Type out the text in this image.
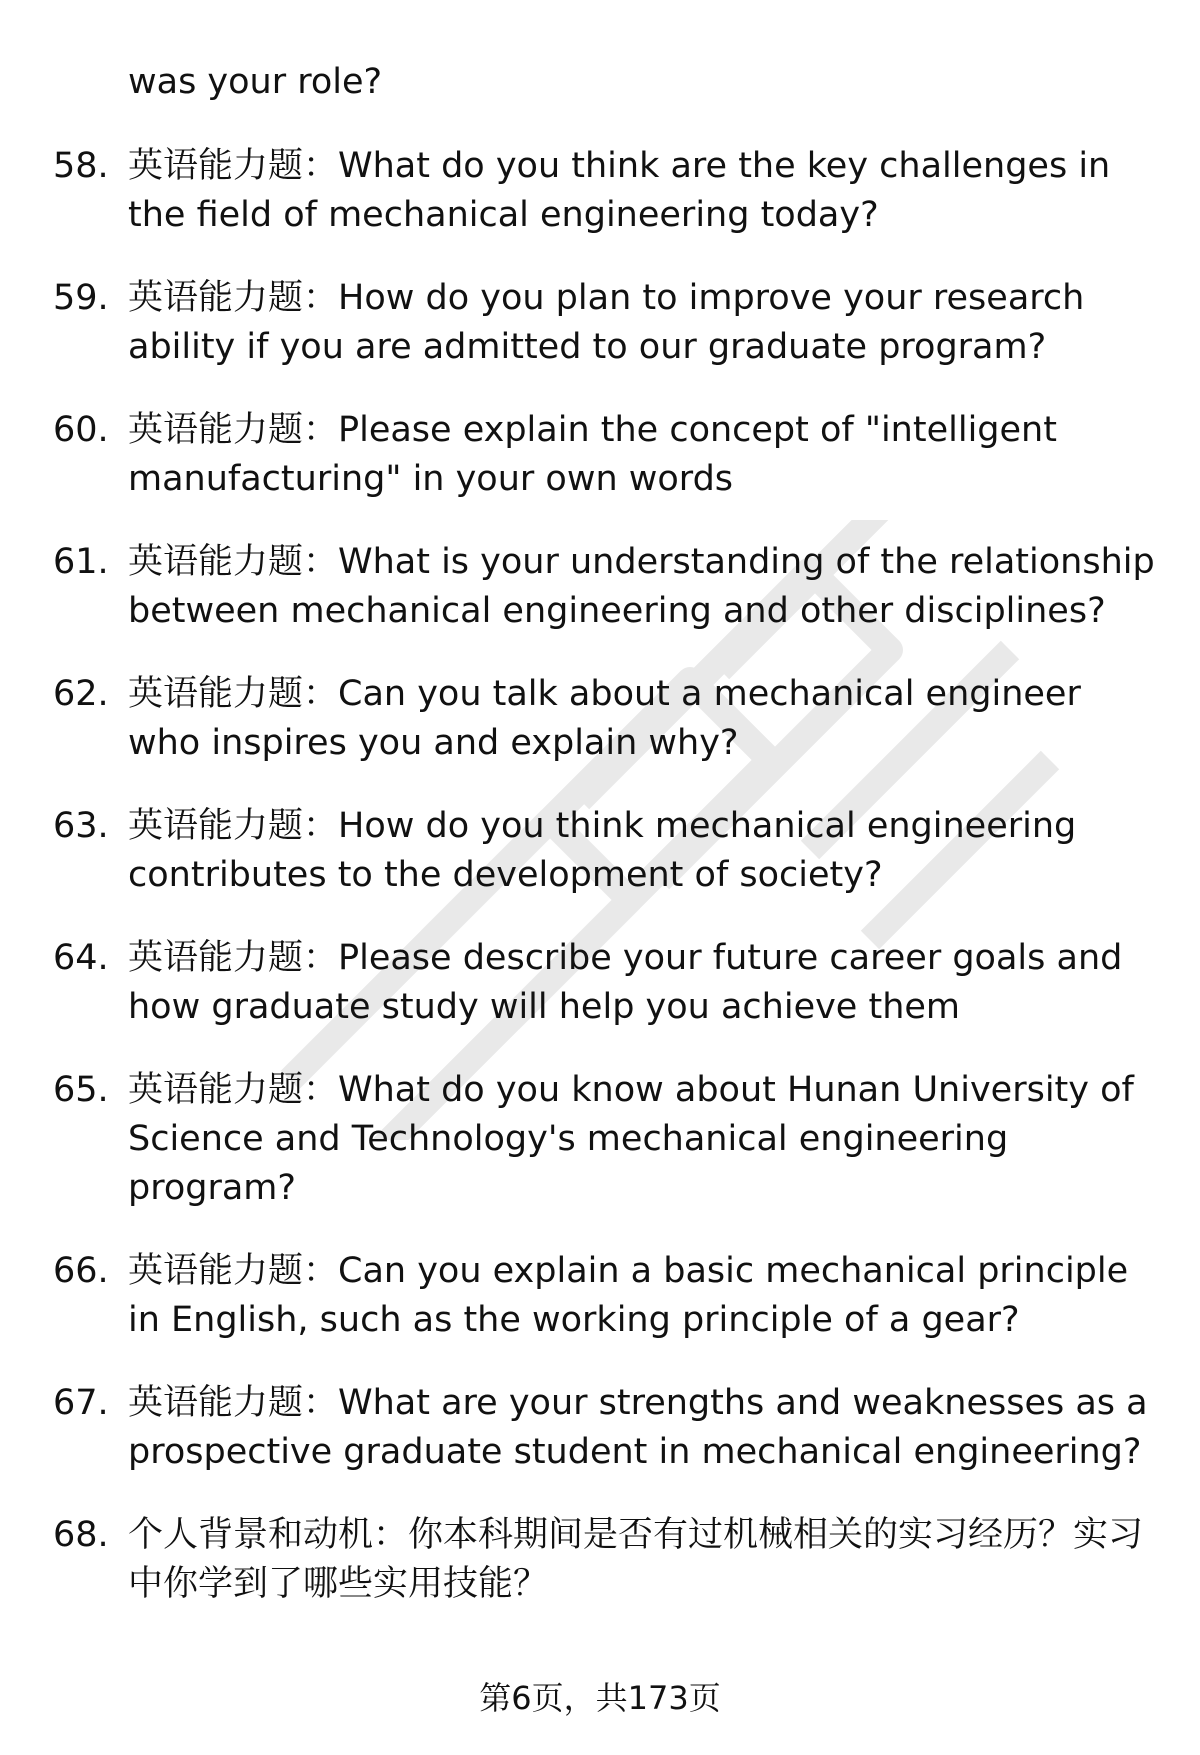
was your role?

58. 英语能力题：What do you think are the key challenges in the field of mechanical engineering today?
59. 英语能力题：How do you plan to improve your research ability if you are admitted to our graduate program?
60. 英语能力题：Please explain the concept of "intelligent manufacturing" in your own words
61. 英语能力题：What is your understanding of the relationship between mechanical engineering and other disciplines?
62. 英语能力题：Can you talk about a mechanical engineer who inspires you and explain why?
63. 英语能力题：How do you think mechanical engineering contributes to the development of society?
64. 英语能力题：Please describe your future career goals and how graduate study will help you achieve them
65. 英语能力题：What do you know about Hunan University of Science and Technology's mechanical engineering program?
66. 英语能力题：Can you explain a basic mechanical principle in English, such as the working principle of a gear?
67. 英语能力题：What are your strengths and weaknesses as a prospective graduate student in mechanical engineering?
68. 个人背景和动机：你本科期间是否有过机械相关的实习经历？实习中你学到了哪些实用技能？

第6页，共173页
